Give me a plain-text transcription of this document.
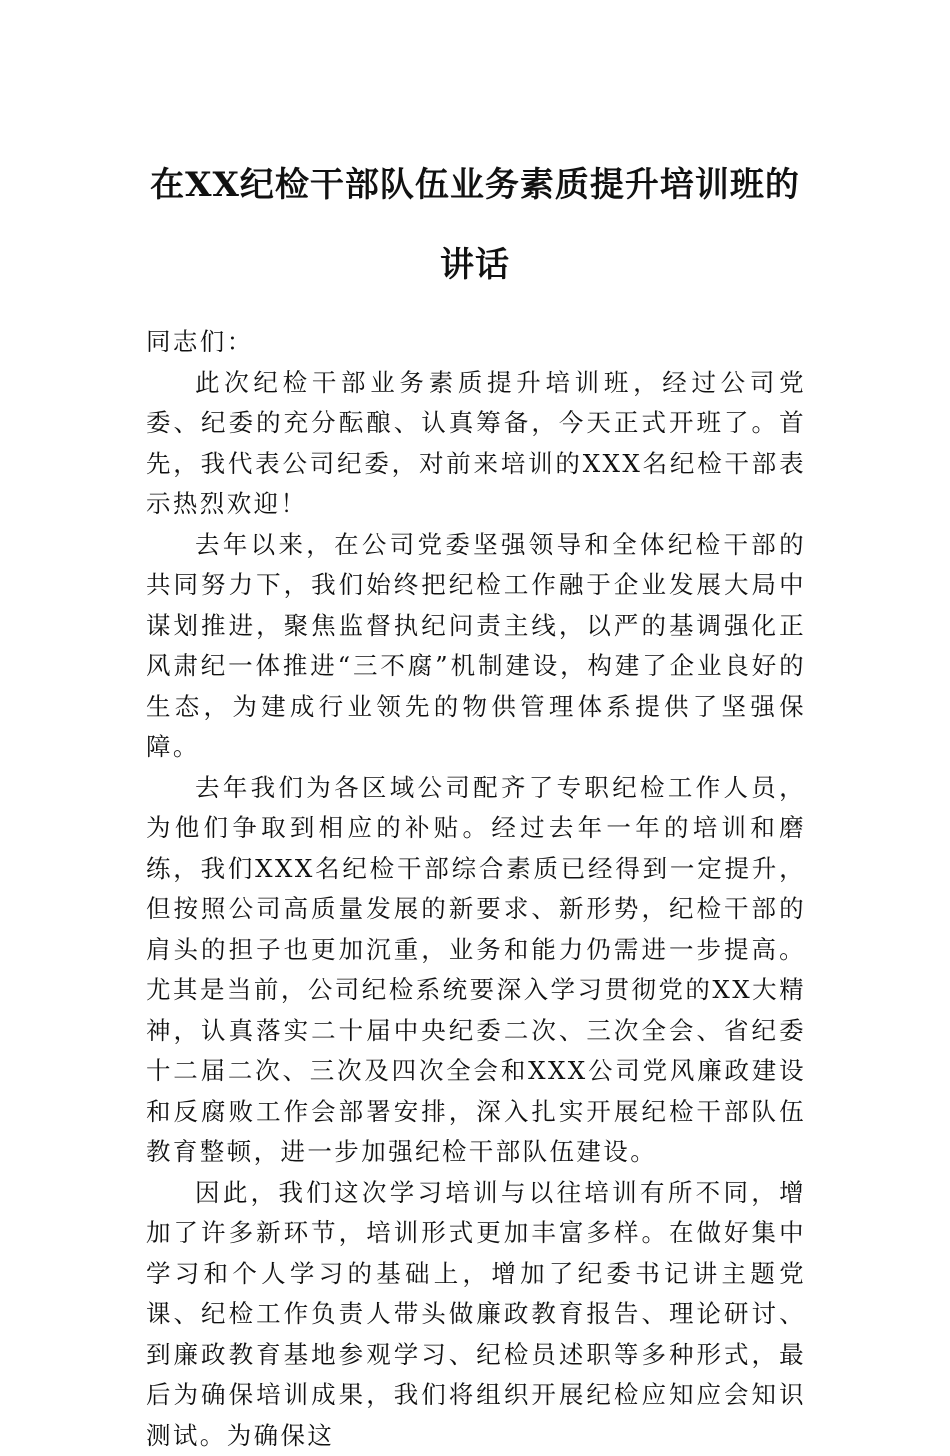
在XX纪检干部队伍业务素质提升培训班的
讲话

同志们：

此次纪检干部业务素质提升培训班，经过公司党委、纪委的充分酝酿、认真筹备，今天正式开班了。首先，我代表公司纪委，对前来培训的XXX名纪检干部表示热烈欢迎！

去年以来，在公司党委坚强领导和全体纪检干部的共同努力下，我们始终把纪检工作融于企业发展大局中谋划推进，聚焦监督执纪问责主线，以严的基调强化正风肃纪一体推进“三不腐”机制建设，构建了企业良好的生态，为建成行业领先的物供管理体系提供了坚强保障。

去年我们为各区域公司配齐了专职纪检工作人员，为他们争取到相应的补贴。经过去年一年的培训和磨练，我们XXX名纪检干部综合素质已经得到一定提升，但按照公司高质量发展的新要求、新形势，纪检干部的肩头的担子也更加沉重，业务和能力仍需进一步提高。尤其是当前，公司纪检系统要深入学习贯彻党的XX大精神，认真落实二十届中央纪委二次、三次全会、省纪委十二届二次、三次及四次全会和XXX公司党风廉政建设和反腐败工作会部署安排，深入扎实开展纪检干部队伍教育整顿，进一步加强纪检干部队伍建设。

因此，我们这次学习培训与以往培训有所不同，增加了许多新环节，培训形式更加丰富多样。在做好集中学习和个人学习的基础上，增加了纪委书记讲主题党课、纪检工作负责人带头做廉政教育报告、理论研讨、到廉政教育基地参观学习、纪检员述职等多种形式，最后为确保培训成果，我们将组织开展纪检应知应会知识测试。为确保这
